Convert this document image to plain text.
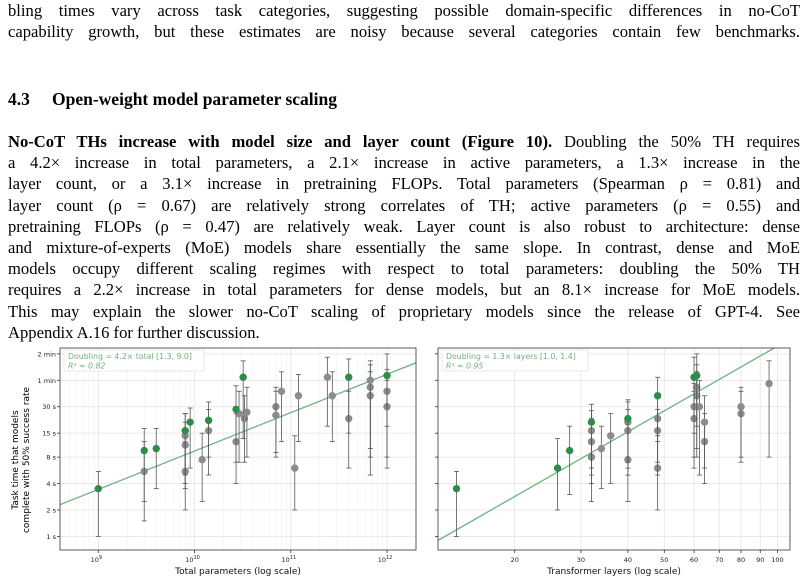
bling times vary across task categories, suggesting possible domain-specific differences in no-CoT
capability growth, but these estimates are noisy because several categories contain few benchmarks.
4.3 Open-weight model parameter scaling
No-CoT THs increase with model size and layer count (Figure 10). Doubling the 50% TH requires
a 4.2× increase in total parameters, a 2.1× increase in active parameters, a 1.3× increase in the
layer count, or a 3.1× increase in pretraining FLOPs. Total parameters (Spearman ρ = 0.81) and
layer count (ρ = 0.67) are relatively strong correlates of TH; active parameters (ρ = 0.55) and
pretraining FLOPs (ρ = 0.47) are relatively weak. Layer count is also robust to architecture: dense
and mixture-of-experts (MoE) models share essentially the same slope. In contrast, dense and MoE
models occupy different scaling regimes with respect to total parameters: doubling the 50% TH
requires a 2.2× increase in total parameters for dense models, but an 8.1× increase for MoE models.
This may explain the slower no-CoT scaling of proprietary models since the release of GPT-4. See
Appendix A.16 for further discussion.
Task time that models complete with 50% success rate
2 min
1 min
30 s
15 s
8 s
4 s
2 s
1 s
$10^9$	$10^{10}$	$10^{11}$	$10^{12}$
Total parameters (log scale)
Doubling = 4.2× total [1.3, 9.0]
R² = 0.82
20	30	40	50	60	70 80 90 100
Transformer layers (log scale)
Doubling = 1.3× layers [1.0, 1.4]
R² = 0.95
